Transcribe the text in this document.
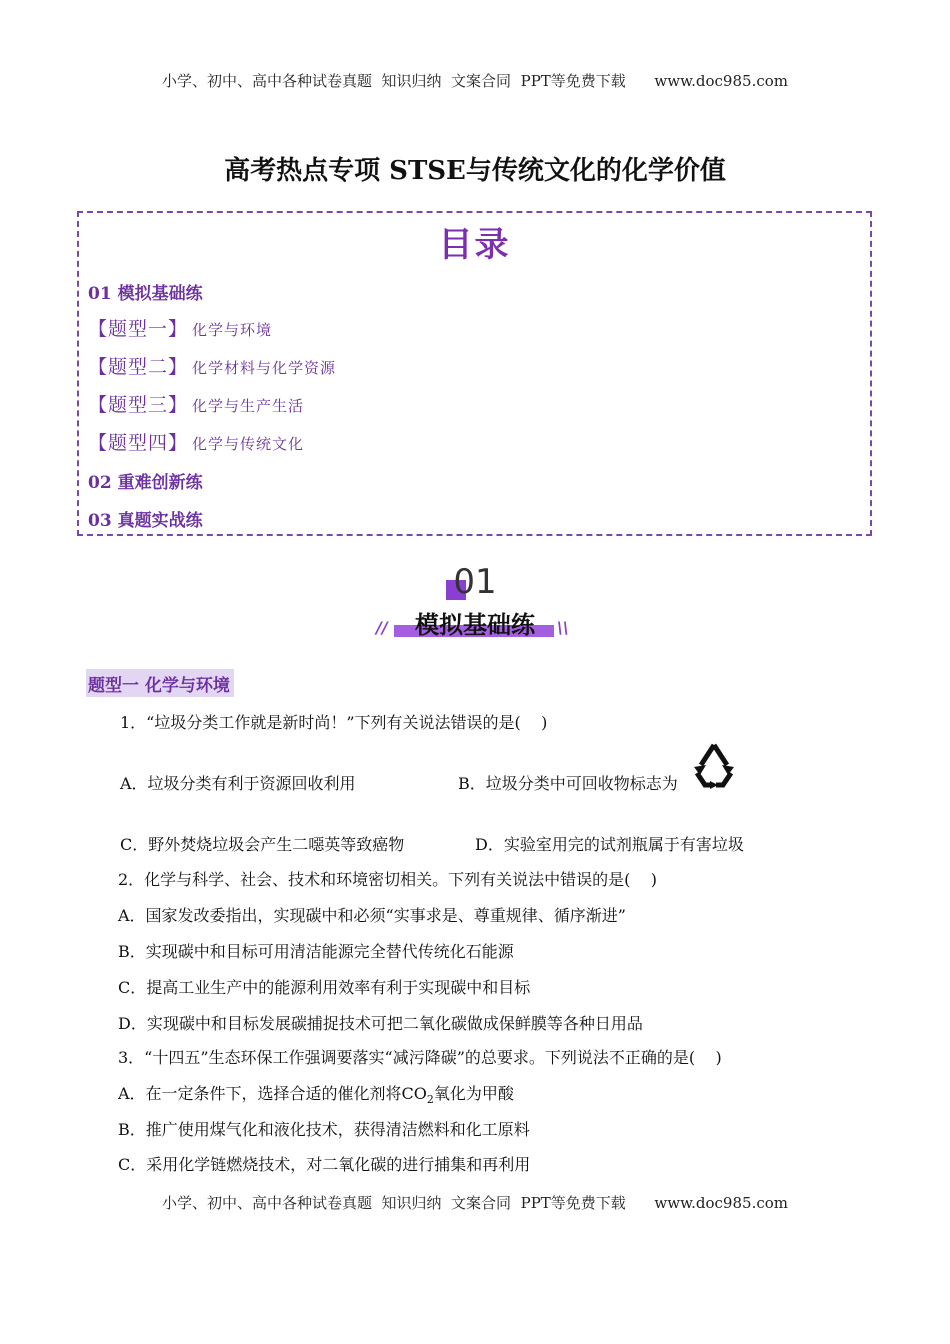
小学、初中、高中各种试卷真题  知识归纳  文案合同  PPT等免费下载      www.doc985.com
高考热点专项 STSE与传统文化的化学价值
目录
01 模拟基础练
【题型一】 化学与环境
【题型二】 化学材料与化学资源
【题型三】 化学与生产生活
【题型四】 化学与传统文化
02 重难创新练
03 真题实战练
01
模拟基础练
//	\\
题型一 化学与环境
1．“垃圾分类工作就是新时尚！”下列有关说法错误的是(    )
A．垃圾分类有利于资源回收利用	B．垃圾分类中可回收物标志为
C．野外焚烧垃圾会产生二噁英等致癌物	D．实验室用完的试剂瓶属于有害垃圾
2．化学与科学、社会、技术和环境密切相关。下列有关说法中错误的是(    )
A．国家发改委指出，实现碳中和必须“实事求是、尊重规律、循序渐进”
B．实现碳中和目标可用清洁能源完全替代传统化石能源
C．提高工业生产中的能源利用效率有利于实现碳中和目标
D．实现碳中和目标发展碳捕捉技术可把二氧化碳做成保鲜膜等各种日用品
3．“十四五”生态环保工作强调要落实“减污降碳”的总要求。下列说法不正确的是(    )
A．在一定条件下，选择合适的催化剂将$CO_2$氧化为甲酸
B．推广使用煤气化和液化技术，获得清洁燃料和化工原料
C．采用化学链燃烧技术，对二氧化碳的进行捕集和再利用
小学、初中、高中各种试卷真题  知识归纳  文案合同  PPT等免费下载      www.doc985.com
